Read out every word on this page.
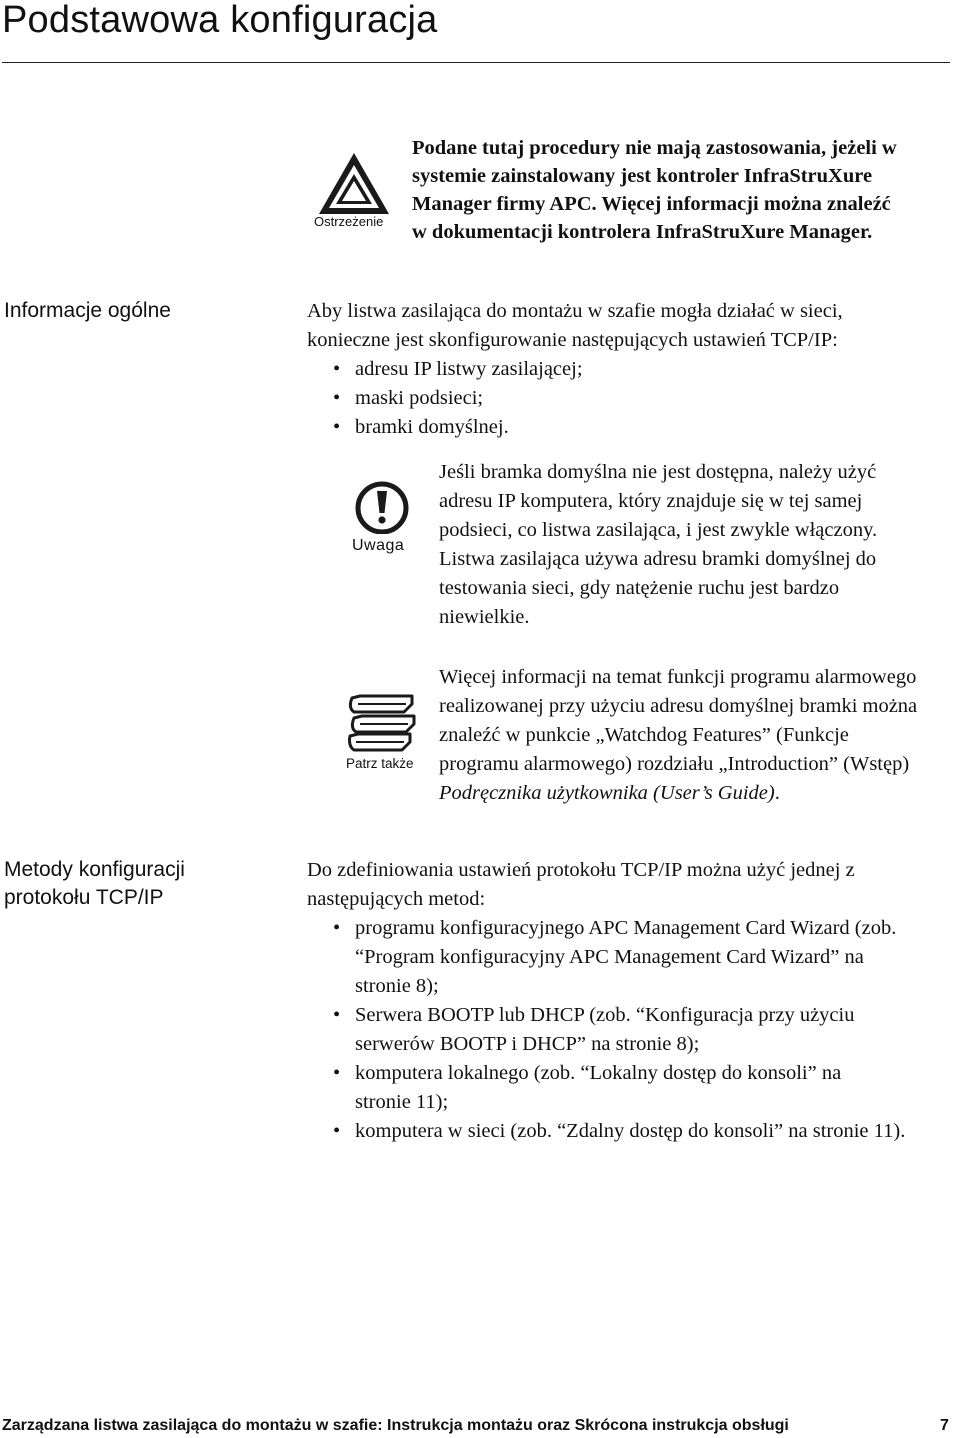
Podstawowa konfiguracja
Ostrzeżenie
Podane tutaj procedury nie mają zastosowania, jeżeli w
systemie zainstalowany jest kontroler InfraStruXure
Manager firmy APC. Więcej informacji można znaleźć
w dokumentacji kontrolera InfraStruXure Manager.
Informacje ogólne	Aby listwa zasilająca do montażu w szafie mogła działać w sieci,

konieczne jest skonfigurowanie następujących ustawień TCP/IP:

• adresu IP listwy zasilającej;
• maski podsieci;
• bramki domyślnej.
Uwaga
Jeśli bramka domyślna nie jest dostępna, należy użyć
adresu IP komputera, który znajduje się w tej samej
podsieci, co listwa zasilająca, i jest zwykle włączony.
Listwa zasilająca używa adresu bramki domyślnej do
testowania sieci, gdy natężenie ruchu jest bardzo
niewielkie.
Patrz także
Więcej informacji na temat funkcji programu alarmowego
realizowanej przy użyciu adresu domyślnej bramki można
znaleźć w punkcie „Watchdog Features” (Funkcje
programu alarmowego) rozdziału „Introduction” (Wstęp)
Podręcznika użytkownika (User’s Guide).
Metody konfiguracji
protokołu TCP/IP

Do zdefiniowania ustawień protokołu TCP/IP można użyć jednej z

następujących metod:

• programu konfiguracyjnego APC Management Card Wizard (zob.
“Program konfiguracyjny APC Management Card Wizard” na
stronie 8);
• Serwera BOOTP lub DHCP (zob. “Konfiguracja przy użyciu
serwerów BOOTP i DHCP” na stronie 8);
• komputera lokalnego (zob. “Lokalny dostęp do konsoli” na
stronie 11);
• komputera w sieci (zob. “Zdalny dostęp do konsoli” na stronie 11).
Zarządzana listwa zasilająca do montażu w szafie: Instrukcja montażu oraz Skrócona instrukcja obsługi	7
